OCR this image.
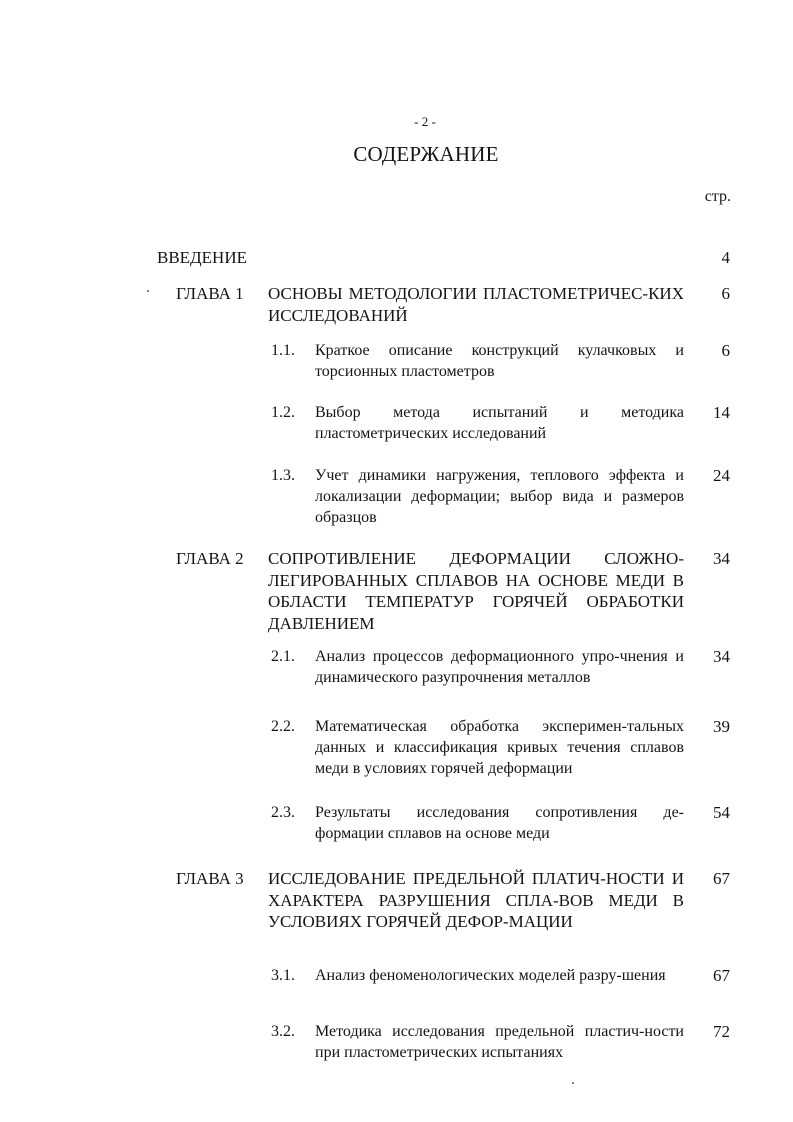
- 2 -
СОДЕРЖАНИЕ
стр.
ВВЕДЕНИЕ	4
ГЛАВА 1 ОСНОВЫ МЕТОДОЛОГИИ ПЛАСТОМЕТРИЧЕС-КИХ ИССЛЕДОВАНИЙ
6
1.1. Краткое описание конструкций кулачковых и торсионных пластометров
6
1.2. Выбор метода испытаний и методика пластометрических исследований
14
1.3. Учет динамики нагружения, теплового эффекта и локализации деформации; выбор вида и размеров образцов
24
ГЛАВА 2 СОПРОТИВЛЕНИЕ ДЕФОРМАЦИИ СЛОЖНО-ЛЕГИРОВАННЫХ СПЛАВОВ НА ОСНОВЕ МЕДИ В ОБЛАСТИ ТЕМПЕРАТУР ГОРЯЧЕЙ ОБРАБОТКИ ДАВЛЕНИЕМ
34
2.1. Анализ процессов деформационного упро-чнения и динамического разупрочнения металлов
34
2.2. Математическая обработка эксперимен-тальных данных и классификация кривых течения сплавов меди в условиях горячей деформации
39
2.3. Результаты исследования сопротивления де-формации сплавов на основе меди
54
ГЛАВА 3 ИССЛЕДОВАНИЕ ПРЕДЕЛЬНОЙ ПЛАТИЧ-НОСТИ И ХАРАКТЕРА РАЗРУШЕНИЯ СПЛА-ВОВ МЕДИ В УСЛОВИЯХ ГОРЯЧЕЙ ДЕФОР-МАЦИИ
67
3.1. Анализ феноменологических моделей разру-шения	67
3.2. Методика исследования предельной пластич-ности при пластометрических испытаниях
72
